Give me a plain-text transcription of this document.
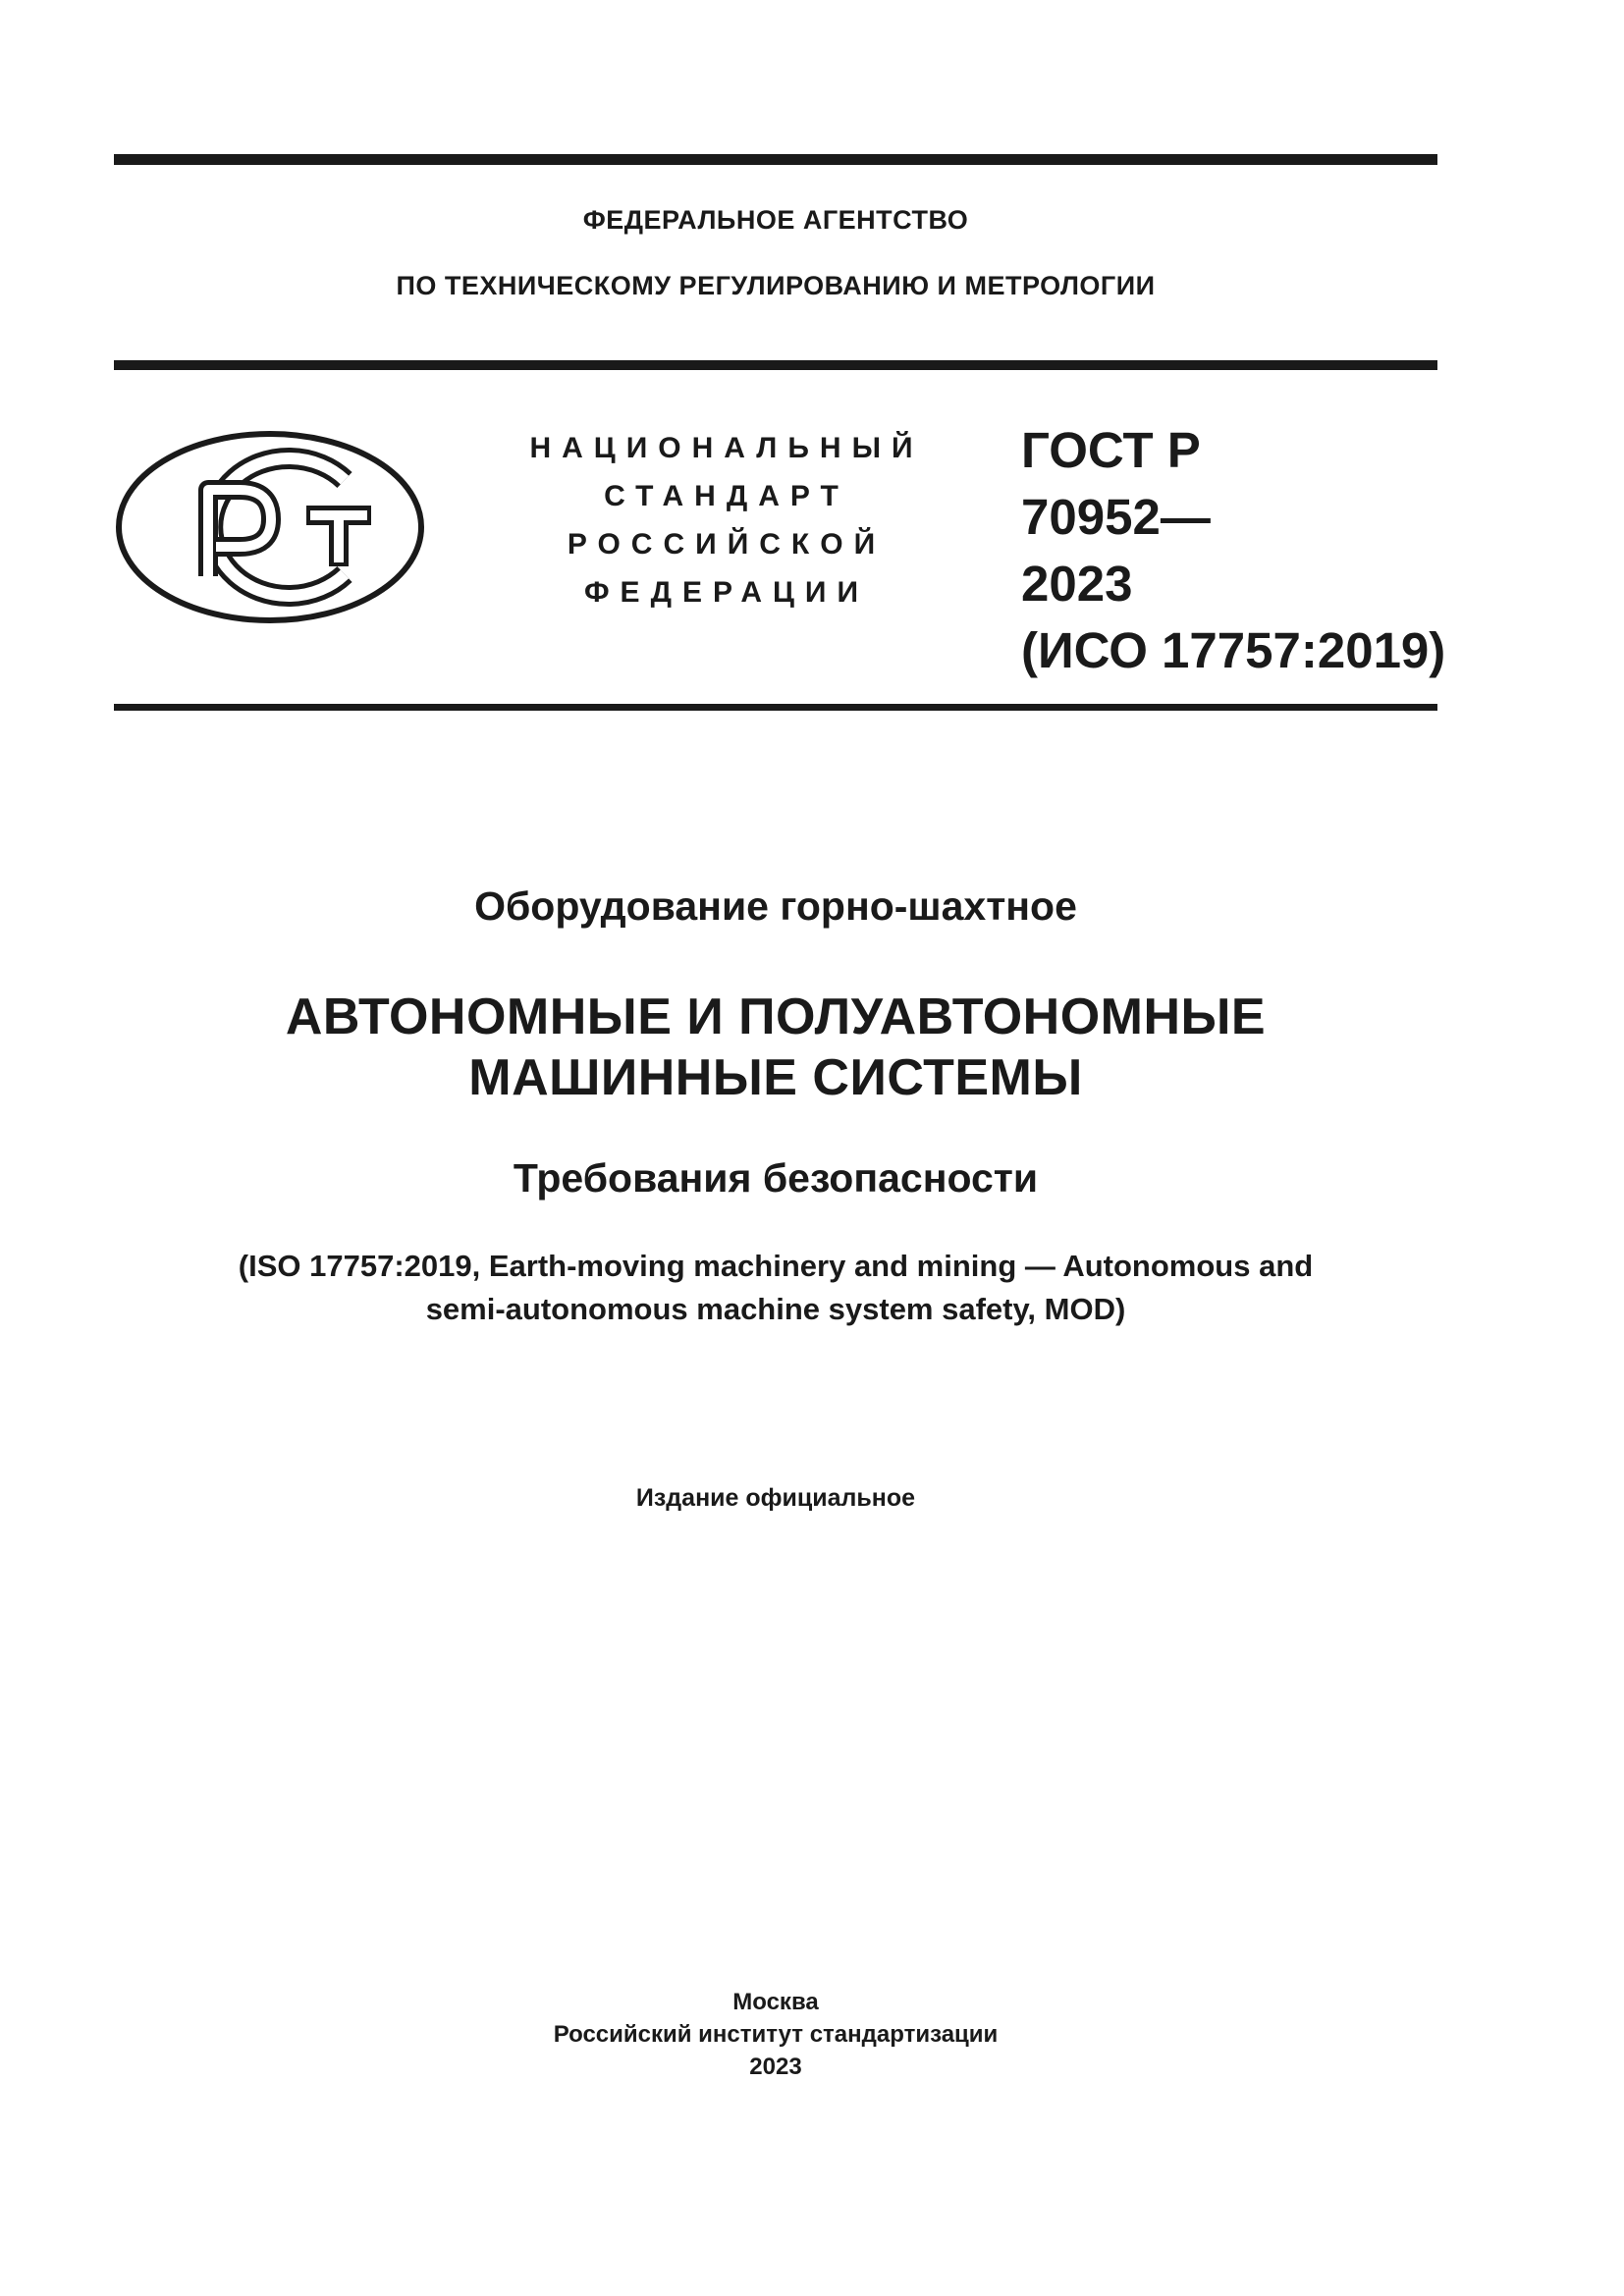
ФЕДЕРАЛЬНОЕ АГЕНТСТВО
ПО ТЕХНИЧЕСКОМУ РЕГУЛИРОВАНИЮ И МЕТРОЛОГИИ
НАЦИОНАЛЬНЫЙ
СТАНДАРТ
РОССИЙСКОЙ
ФЕДЕРАЦИИ
ГОСТ Р
70952—
2023
(ИСО 17757:2019)
Оборудование горно-шахтное
АВТОНОМНЫЕ И ПОЛУАВТОНОМНЫЕ
МАШИННЫЕ СИСТЕМЫ
Требования безопасности
(ISO 17757:2019, Earth-moving machinery and mining — Autonomous and
semi-autonomous machine system safety, MOD)
Издание официальное
Москва
Российский институт стандартизации
2023
